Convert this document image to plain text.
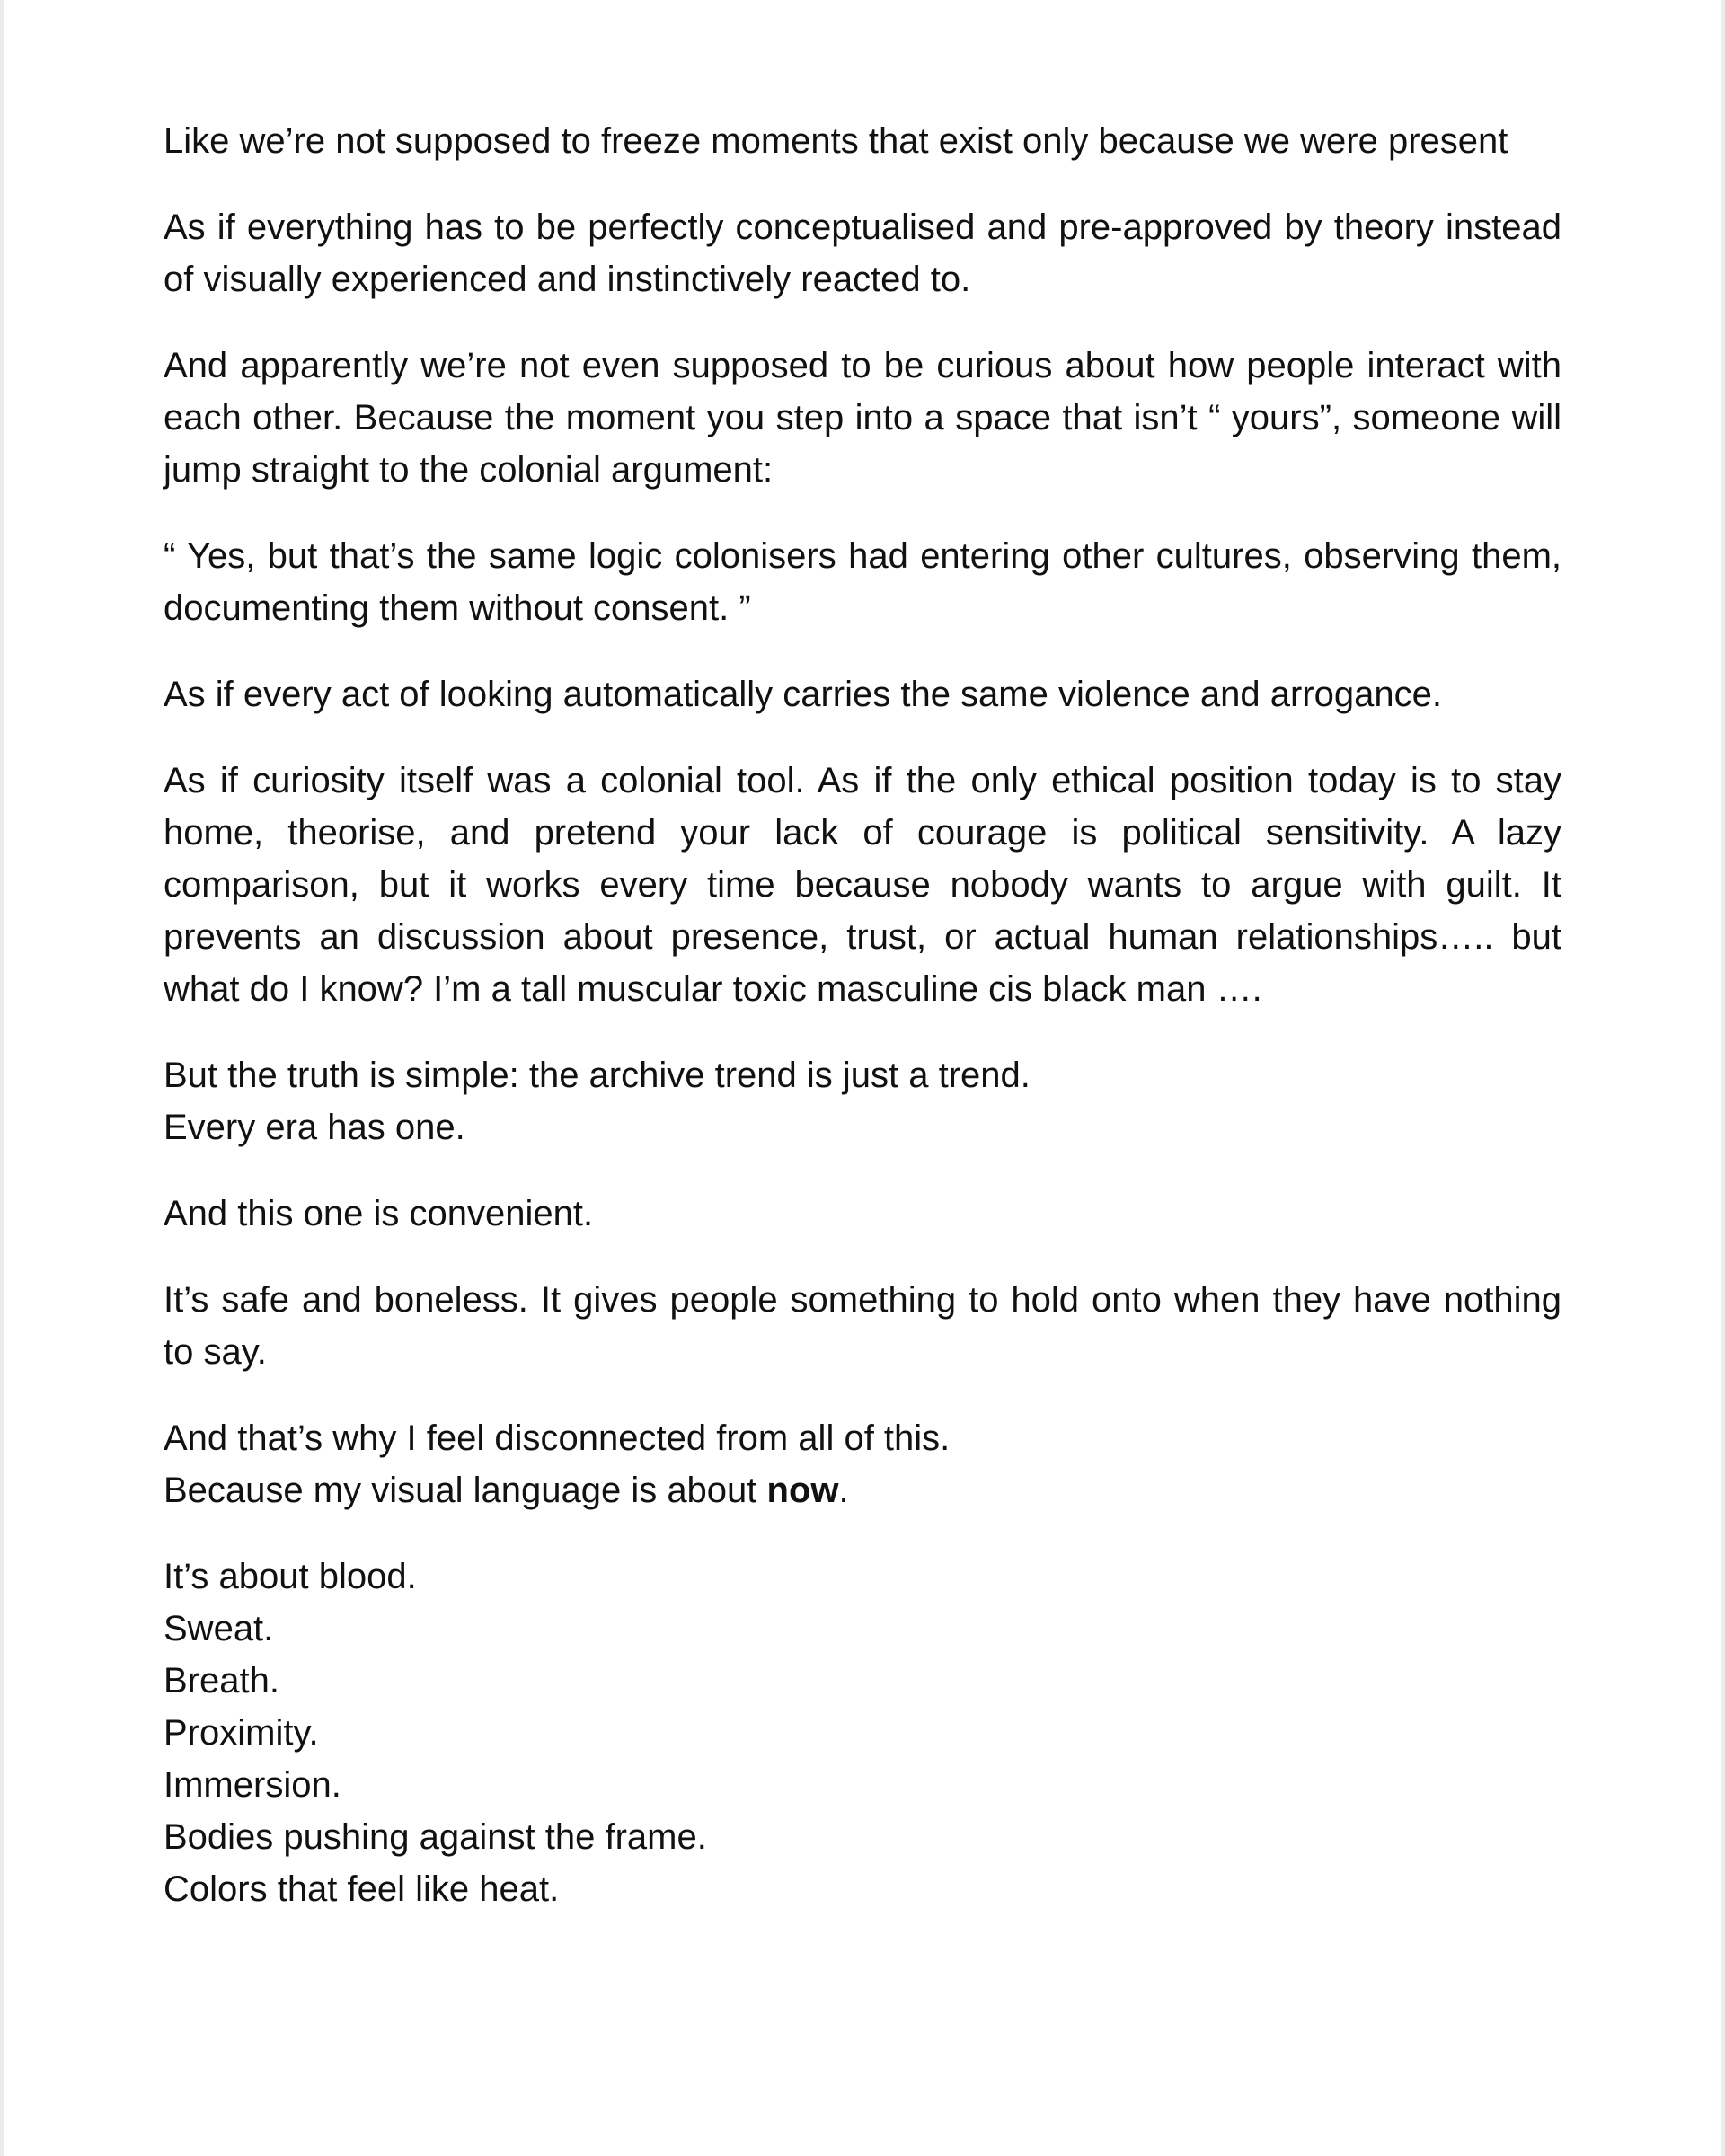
Like we’re not supposed to freeze moments that exist only because we were present

As if everything has to be perfectly conceptualised and pre-approved by theory instead of visually experienced and instinctively reacted to.

And apparently we’re not even supposed to be curious about how people interact with each other. Because the moment you step into a space that isn’t “ yours”, someone will jump straight to the colonial argument:

“ Yes, but that’s the same logic colonisers had entering other cultures, observing them, documenting them without consent. ”

As if every act of looking automatically carries the same violence and arrogance.

As if curiosity itself was a colonial tool. As if the only ethical position today is to stay home, theorise, and pretend your lack of courage is political sensitivity. A lazy comparison, but it works every time because nobody wants to argue with guilt. It prevents an discussion about presence, trust, or actual human relationships….. but what do I know? I’m a tall muscular toxic masculine cis black man ….

But the truth is simple: the archive trend is just a trend.
Every era has one.

And this one is convenient.

It’s safe and boneless. It gives people something to hold onto when they have nothing to say.

And that’s why I feel disconnected from all of this.
Because my visual language is about now.

It’s about blood.
Sweat.
Breath.
Proximity.
Immersion.
Bodies pushing against the frame.
Colors that feel like heat.
